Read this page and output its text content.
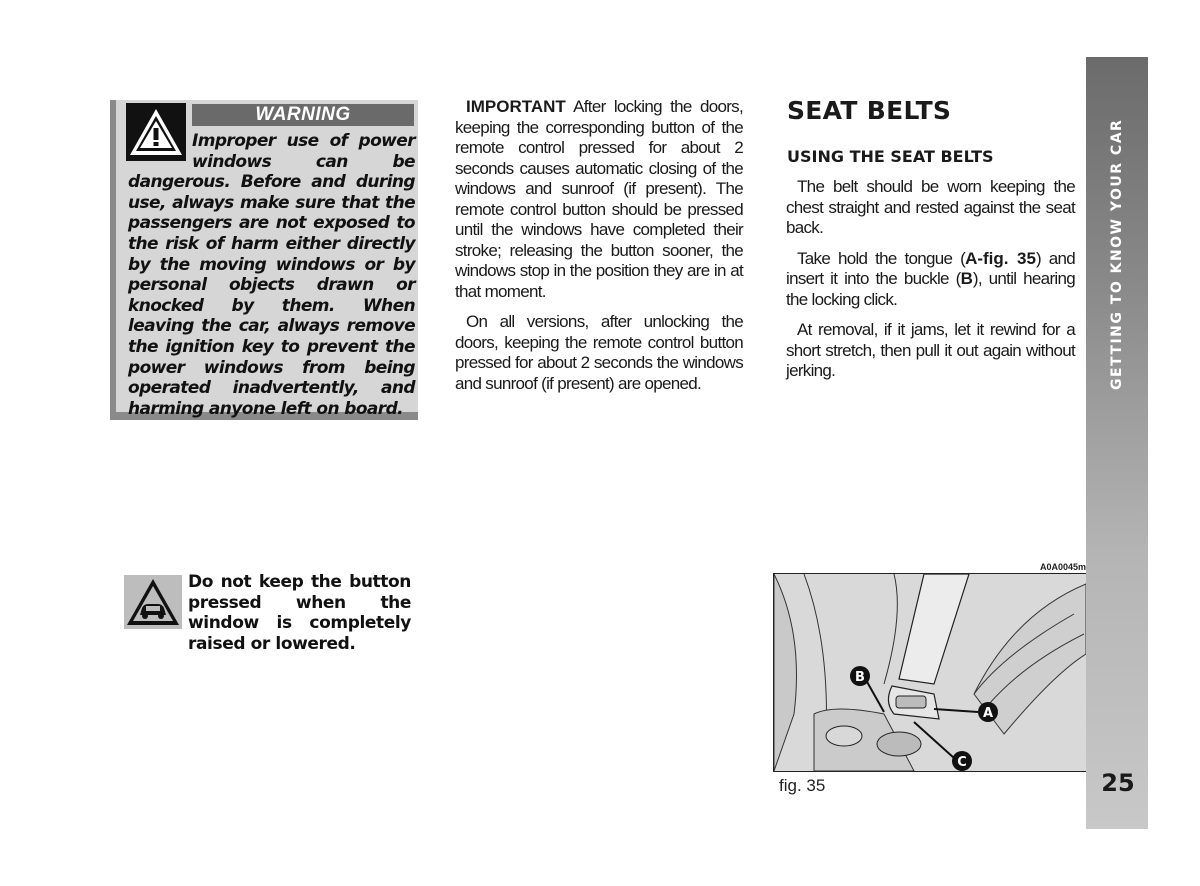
WARNING
Improper use of power windows can be dangerous. Before and during use, always make sure that the passengers are not exposed to the risk of harm either directly by the moving windows or by personal objects drawn or knocked by them. When leaving the car, always remove the ignition key to prevent the power windows from being operated inadvertently, and harming anyone left on board.
Do not keep the button pressed when the window is completely raised or lowered.

IMPORTANT After locking the doors, keeping the corresponding button of the remote control pressed for about 2 seconds causes automatic closing of the windows and sunroof (if present). The remote control button should be pressed until the windows have completed their stroke; releasing the button sooner, the windows stop in the position they are in at that moment.

On all versions, after unlocking the doors, keeping the remote control button pressed for about 2 seconds the windows and sunroof (if present) are opened.

SEAT BELTS
USING THE SEAT BELTS

The belt should be worn keeping the chest straight and rested against the seat back.

Take hold the tongue (A-fig. 35) and insert it into the buckle (B), until hearing the locking click.

At removal, if it jams, let it rewind for a short stretch, then pull it out again without jerking.

A0A0045m
B
A
C
fig. 35
GETTING TO KNOW YOUR CAR
25
